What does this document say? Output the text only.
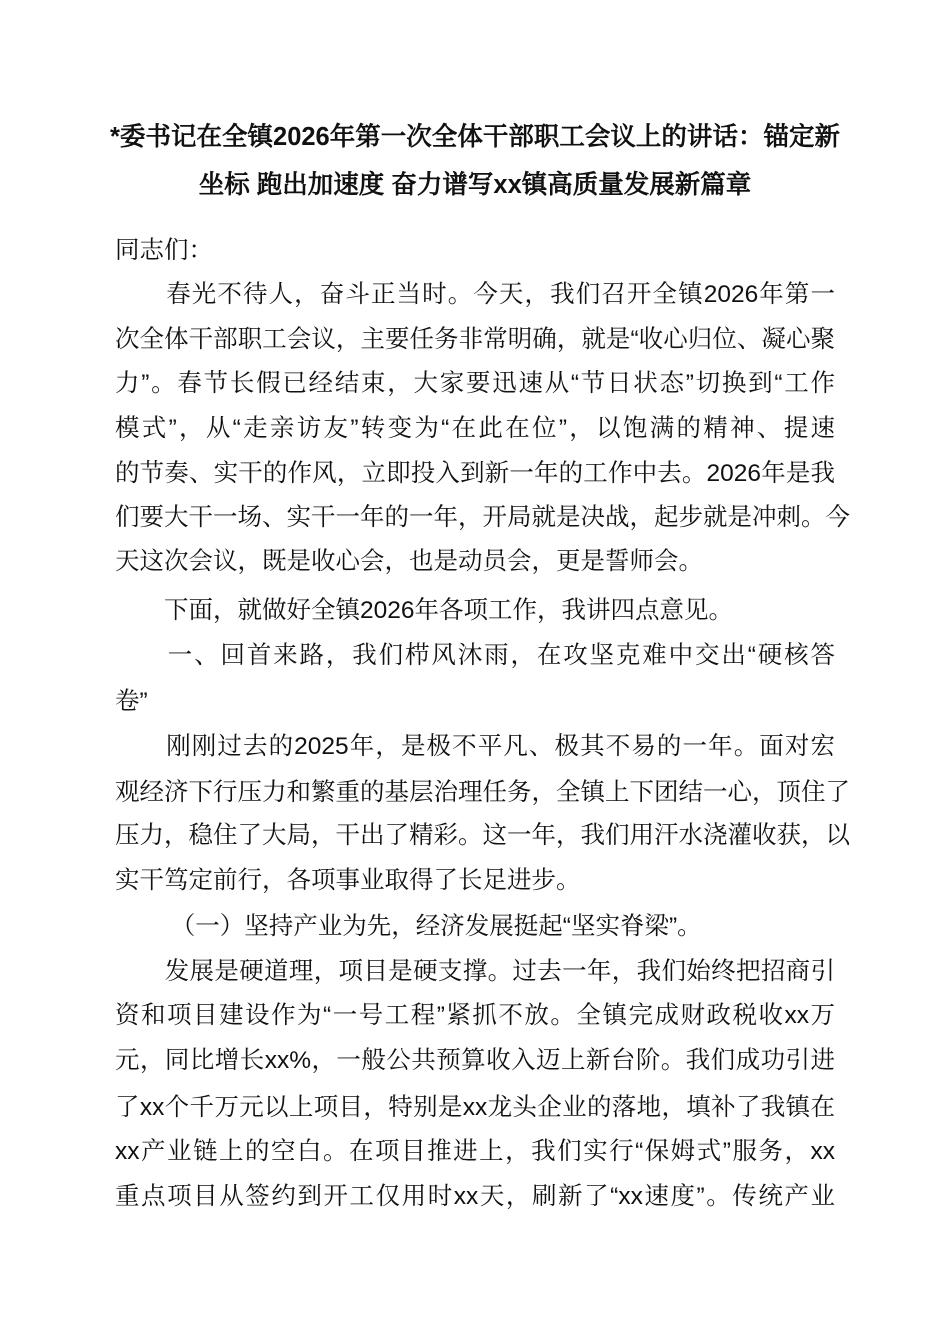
*委书记在全镇2026年第一次全体干部职工会议上的讲话：锚定新
坐标 跑出加速度 奋力谱写xx镇高质量发展新篇章
同志们：
　　春光不待人，奋斗正当时。今天，我们召开全镇2026年第一
次全体干部职工会议，主要任务非常明确，就是“收心归位、凝心聚
力”。春节长假已经结束，大家要迅速从“节日状态”切换到“工作
模式”，从“走亲访友”转变为“在此在位”，以饱满的精神、提速
的节奏、实干的作风，立即投入到新一年的工作中去。2026年是我
们要大干一场、实干一年的一年，开局就是决战，起步就是冲刺。今
天这次会议，既是收心会，也是动员会，更是誓师会。
　　下面，就做好全镇2026年各项工作，我讲四点意见。
　　一、回首来路，我们栉风沐雨，在攻坚克难中交出“硬核答
卷”
　　刚刚过去的2025年，是极不平凡、极其不易的一年。面对宏
观经济下行压力和繁重的基层治理任务，全镇上下团结一心，顶住了
压力，稳住了大局，干出了精彩。这一年，我们用汗水浇灌收获，以
实干笃定前行，各项事业取得了长足进步。
　　 （一）坚持产业为先，经济发展挺起“坚实脊梁”。
　　发展是硬道理，项目是硬支撑。过去一年，我们始终把招商引
资和项目建设作为“一号工程”紧抓不放。全镇完成财政税收xx万
元，同比增长xx%，一般公共预算收入迈上新台阶。我们成功引进
了xx个千万元以上项目，特别是xx龙头企业的落地，填补了我镇在
xx产业链上的空白。在项目推进上，我们实行“保姆式”服务，xx
重点项目从签约到开工仅用时xx天，刷新了“xx速度”。传统产业
